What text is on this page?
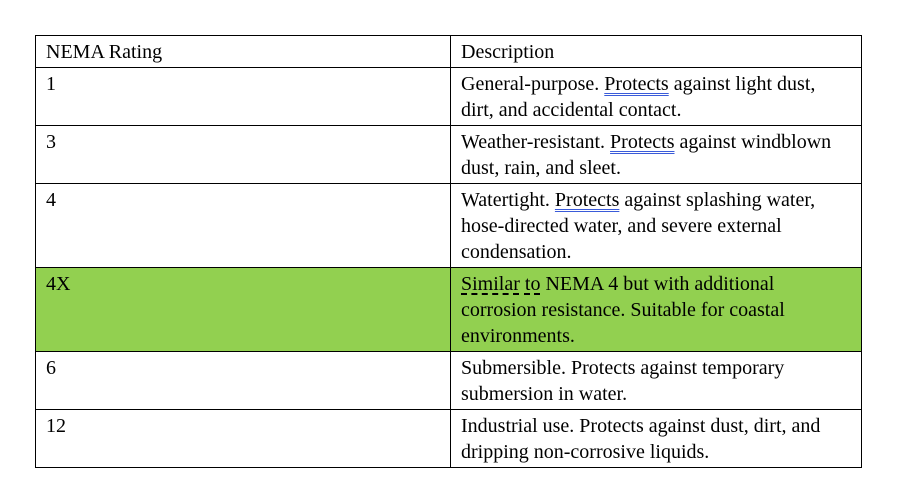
NEMA Rating	Description
1	General-purpose. Protects against light dust, dirt, and accidental contact.
3	Weather-resistant. Protects against windblown dust, rain, and sleet.
4	Watertight. Protects against splashing water, hose-directed water, and severe external condensation.
4X	Similar to NEMA 4 but with additional corrosion resistance. Suitable for coastal environments.
6	Submersible. Protects against temporary submersion in water.
12	Industrial use. Protects against dust, dirt, and dripping non-corrosive liquids.
